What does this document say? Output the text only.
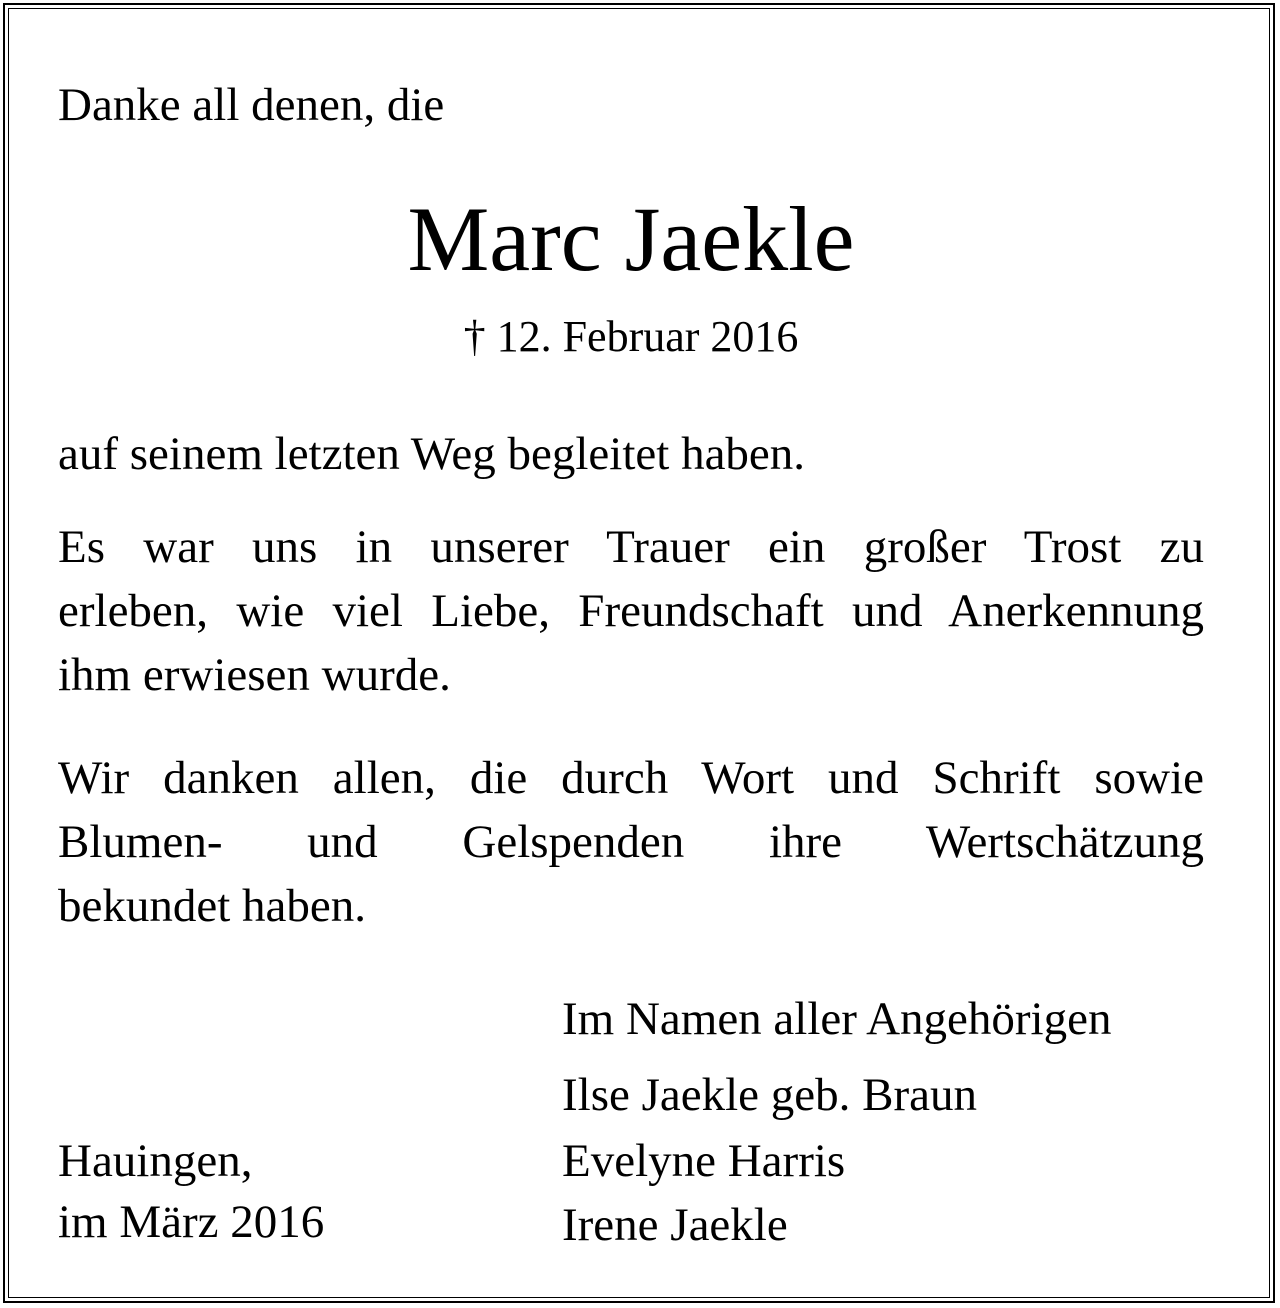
Danke all denen, die
Marc Jaekle
† 12. Februar 2016
auf seinem letzten Weg begleitet haben.
Es war uns in unserer Trauer ein großer Trost zu
erleben, wie viel Liebe, Freundschaft und Anerkennung
ihm erwiesen wurde.
Wir danken allen, die durch Wort und Schrift sowie
Blumen- und Gelspenden ihre Wertschätzung
bekundet haben.
Im Namen aller Angehörigen
Ilse Jaekle geb. Braun
Evelyne Harris
Irene Jaekle
Hauingen,
im März 2016
